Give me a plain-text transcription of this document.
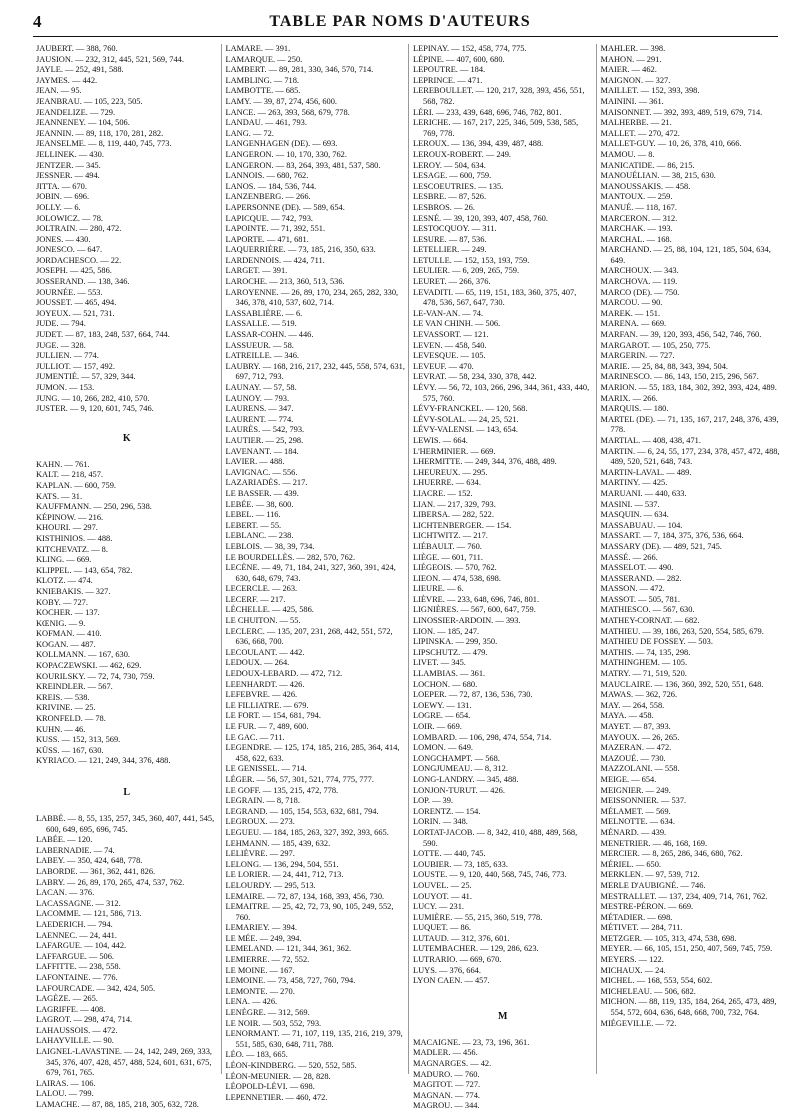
4	TABLE PAR NOMS D'AUTEURS
JAUBERT. — 388, 760.
JAUSION. — 232, 312, 445, 521, 569, 744.
JAYLE. — 252, 491, 588.
JAYMES. — 442.
JEAN. — 95.
JEANBRAU. — 105, 223, 505.
JEANDELIZE. — 729.
JEANNENEY. — 104, 506.
JEANNIN. — 89, 118, 170, 281, 282.
JEANSELME. — 8, 119, 440, 745, 773.
JELLINEK. — 430.
JENTZER. — 345.
JESSNER. — 494.
JITTA. — 670.
JOBIN. — 696.
JOLLY. — 6.
JOLOWICZ. — 78.
JOLTRAIN. — 280, 472.
JONES. — 430.
JONESCO. — 647.
JORDACHESCO. — 22.
JOSEPH. — 425, 586.
JOSSERAND. — 138, 346.
JOURNÉE. — 553.
JOUSSET. — 465, 494.
JOYEUX. — 521, 731.
JUDE. — 794.
JUDET. — 87, 183, 248, 537, 664, 744.
JUGE. — 328.
JULLIEN. — 774.
JULLIOT. — 157, 492.
JUMENTIÉ. — 57, 329, 344.
JUMON. — 153.
JUNG. — 10, 266, 282, 410, 570.
JUSTER. — 9, 120, 601, 745, 746.
K
KAHN. — 761.
KALT. — 218, 457.
KAPLAN. — 600, 759.
KATS. — 31.
KAUFFMANN. — 250, 296, 538.
KÉPINOW. — 216.
KHOURI. — 297.
KISTHINIOS. — 488.
KITCHEVATZ. — 8.
KLING. — 669.
KLIPPEL. — 143, 654, 782.
KLOTZ. — 474.
KNIEBAKIS. — 327.
KOBY. — 727.
KOCHER. — 137.
KŒNIG. — 9.
KOFMAN. — 410.
KOGAN. — 487.
KOLLMANN. — 167, 630.
KOPACZEWSKI. — 462, 629.
KOURILSKY. — 72, 74, 730, 759.
KREINDLER. — 567.
KREIS. — 538.
KRIVINE. — 25.
KRONFELD. — 78.
KUHN. — 46.
KUSS. — 152, 313, 569.
KÜSS. — 167, 630.
KYRIACO. — 121, 249, 344, 376, 488.
L
LABBÉ. — 8, 55, 135, 257, 345, 360, 407, 441, 545, 600, 649, 695, 696, 745.
LABÉE. — 120.
LABERNADIE. — 74.
LABEY. — 350, 424, 648, 778.
LABORDE. — 361, 362, 441, 826.
LABRY. — 26, 89, 170, 265, 474, 537, 762.
LACAN. — 376.
LACASSAGNE. — 312.
LACOMME. — 121, 586, 713.
LAEDERICH. — 794.
LAENNEC. — 24, 441.
LAFARGUE. — 104, 442.
LAFFARGUE. — 506.
LAFFITTE. — 238, 558.
LAFONTAINE. — 776.
LAFOURCADE. — 342, 424, 505.
LAGÈZE. — 265.
LAGRIFFE. — 408.
LAGROT. — 298, 474, 714.
LAHAUSSOIS. — 472.
LAHAYVILLE. — 90.
LAIGNEL-LAVASTINE. — 24, 142, 249, 269, 333, 345, 376, 407, 428, 457, 488, 524, 601, 631, 675, 679, 761, 765.
LAIRAS. — 106.
LALOU. — 799.
LAMACHE. — 87, 88, 185, 218, 305, 632, 728.
LAMARE. — 391.
LAMARQUE. — 250.
LAMBERT. — 89, 281, 330, 346, 570, 714.
LAMBLING. — 718.
LAMBOTTE. — 685.
LAMY. — 39, 87, 274, 456, 600.
LANCE. — 263, 393, 568, 679, 778.
LANDAU. — 461, 793.
LANG. — 72.
LANGENHAGEN (DE). — 693.
LANGERON. — 10, 170, 330, 762.
LANGERON. — 83, 264, 393, 481, 537, 580.
LANNOIS. — 680, 762.
LANOS. — 184, 536, 744.
LANZENBERG. — 266.
LAPERSONNE (DE). — 589, 654.
LAPICQUE. — 742, 793.
LAPOINTE. — 71, 392, 551.
LAPORTE. — 471, 681.
LAQUERRIÈRE. — 73, 185, 216, 350, 633.
LARDENNOIS. — 424, 711.
LARGET. — 391.
LAROCHE. — 213, 360, 513, 536.
LAROYENNE. — 26, 89, 170, 234, 265, 282, 330, 346, 378, 410, 537, 602, 714.
LASSABLIÈRE. — 6.
LASSALLE. — 519.
LASSAR-COHN. — 446.
LASSUEUR. — 58.
LATREILLE. — 346.
LAUBRY. — 168, 216, 217, 232, 445, 558, 574, 631, 697, 712, 793.
LAUNAY. — 57, 58.
LAUNOY. — 793.
LAURENS. — 347.
LAURENT. — 774.
LAURÈS. — 542, 793.
LAUTIER. — 25, 298.
LAVENANT. — 184.
LAVIER. — 488.
LAVIGNAC. — 556.
LAZARIADÈS. — 217.
LE BASSER. — 439.
LEBÉE. — 38, 600.
LEBEL. — 116.
LEBERT. — 55.
LEBLANC. — 238.
LEBLOIS. — 38, 39, 734.
LE BOURDELLÈS. — 282, 570, 762.
LECÈNE. — 49, 71, 184, 241, 327, 360, 391, 424, 630, 648, 679, 743.
LECERCLE. — 263.
LECERF. — 217.
LÉCHELLE. — 425, 586.
LE CHUITON. — 55.
LECLERC. — 135, 207, 231, 268, 442, 551, 572, 636, 668, 700.
LECOULANT. — 442.
LEDOUX. — 264.
LEDOUX-LEBARD. — 472, 712.
LEENHARDT. — 426.
LEFEBVRE. — 426.
LE FILLIATRE. — 679.
LE FORT. — 154, 681, 794.
LE FUR. — 7, 489, 600.
LE GAC. — 711.
LEGENDRE. — 125, 174, 185, 216, 285, 364, 414, 458, 622, 633.
LE GENISSEL. — 714.
LÉGER. — 56, 57, 301, 521, 774, 775, 777.
LE GOFF. — 135, 215, 472, 778.
LEGRAIN. — 8, 718.
LEGRAND. — 105, 154, 553, 632, 681, 794.
LEGROUX. — 273.
LEGUEU. — 184, 185, 263, 327, 392, 393, 665.
LEHMANN. — 185, 439, 632.
LELIÈVRE. — 297.
LELONG. — 136, 294, 504, 551.
LE LORIER. — 24, 441, 712, 713.
LELOURDY. — 295, 513.
LEMAIRE. — 72, 87, 134, 168, 393, 456, 730.
LEMAITRE. — 25, 42, 72, 73, 90, 105, 249, 552, 760.
LEMARIEY. — 394.
LE MÉE. — 249, 394.
LEMELAND. — 121, 344, 361, 362.
LEMIERRE. — 72, 552.
LE MOINE. — 167.
LEMOINE. — 73, 458, 727, 760, 794.
LEMONTE. — 270.
LENA. — 426.
LENÈGRE. — 312, 569.
LE NOIR. — 503, 552, 793.
LENORMANT. — 71, 107, 119, 135, 216, 219, 379, 551, 585, 630, 648, 711, 788.
LÉO. — 183, 665.
LÉON-KINDBERG. — 520, 552, 585.
LÉON-MEUNIER. — 28, 828.
LÉOPOLD-LÉVI. — 698.
LEPENNETIER. — 460, 472.
LEPINAY. — 152, 458, 774, 775.
LÉPINE. — 407, 600, 680.
LEPOUTRE. — 184.
LEPRINCE. — 471.
LEREBOULLET. — 120, 217, 328, 393, 456, 551, 568, 782.
LÉRI. — 233, 439, 648, 696, 746, 782, 801.
LERICHE. — 167, 217, 225, 346, 509, 538, 585, 769, 778.
LEROUX. — 136, 394, 439, 487, 488.
LEROUX-ROBERT. — 249.
LEROY. — 504, 634.
LESAGE. — 600, 759.
LESCOEUTRIES. — 135.
LESBRE. — 87, 526.
LESBROS. — 26.
LESNÉ. — 39, 120, 393, 407, 458, 760.
LESTOCQUOY. — 311.
LESURE. — 87, 536.
LETELLIER. — 249.
LETULLE. — 152, 153, 193, 759.
LEULIER. — 6, 209, 265, 759.
LEURET. — 266, 376.
LEVADITI. — 65, 119, 151, 183, 360, 375, 407, 478, 536, 567, 647, 730.
LE-VAN-AN. — 74.
LE VAN CHINH. — 506.
LEVASSORT. — 121.
LEVEN. — 458, 540.
LEVESQUE. — 105.
LEVEUF. — 470.
LEVRAT. — 58, 234, 330, 378, 442.
LÉVY. — 56, 72, 103, 266, 296, 344, 361, 433, 440, 575, 760.
LÉVY-FRANCKEL. — 120, 568.
LÉVY-SOLAL. — 24, 25, 521.
LÉVY-VALENSI. — 143, 654.
LEWIS. — 664.
L'HERMINIER. — 669.
LHERMITTE. — 249, 344, 376, 488, 489.
LHEUREUX. — 295.
LHUERRE. — 634.
LIACRE. — 152.
LIAN. — 217, 329, 793.
LIBERSA. — 282, 522.
LICHTENBERGER. — 154.
LICHTWITZ. — 217.
LIÉBAULT. — 760.
LIÈGE. — 601, 711.
LIÉGEOIS. — 570, 762.
LIEON. — 474, 538, 698.
LIEURE. — 6.
LIÈVRE. — 233, 648, 696, 746, 801.
LIGNIÈRES. — 567, 600, 647, 759.
LINOSSIER-ARDOIN. — 393.
LION. — 185, 247.
LIPINSKA. — 299, 350.
LIPSCHUTZ. — 479.
LIVET. — 345.
LLAMBIAS. — 361.
LOCHON. — 680.
LOEPER. — 72, 87, 136, 536, 730.
LOEWY. — 131.
LOGRE. — 654.
LOIR. — 669.
LOMBARD. — 106, 298, 474, 554, 714.
LOMON. — 649.
LONGCHAMPT. — 568.
LONGJUMEAU. — 8, 312.
LONG-LANDRY. — 345, 488.
LONJON-TURUT. — 426.
LOP. — 39.
LORENTZ. — 154.
LORIN. — 348.
LORTAT-JACOB. — 8, 342, 410, 488, 489, 568, 590.
LOTTE. — 440, 745.
LOUBIER. — 73, 185, 633.
LOUSTE. — 9, 120, 440, 568, 745, 746, 773.
LOUVEL. — 25.
LOUYOT. — 41.
LUCY. — 231.
LUMIÈRE. — 55, 215, 360, 519, 778.
LUQUET. — 86.
LUTAUD. — 312, 376, 601.
LUTEMBACHER. — 129, 286, 623.
LUTRARIO. — 669, 670.
LUYS. — 376, 664.
LYON CAEN. — 457.
M
MACAIGNE. — 23, 73, 196, 361.
MADLER. — 456.
MAGNARGES. — 42.
MADURO. — 760.
MAGITOT. — 727.
MAGNAN. — 774.
MAGROU. — 344.
MAHLER. — 398.
MAHON. — 291.
MAIER. — 462.
MAIGNON. — 327.
MAILLET. — 152, 393, 398.
MAININI. — 361.
MAISONNET. — 392, 393, 489, 519, 679, 714.
MALHERBE. — 21.
MALLET. — 270, 472.
MALLET-GUY. — 10, 26, 378, 410, 666.
MAMOU. — 8.
MANICATIDE. — 86, 215.
MANOUÉLIAN. — 38, 215, 630.
MANOUSSAKIS. — 458.
MANTOUX. — 259.
MANUÉ. — 118, 167.
MARCERON. — 312.
MARCHAK. — 193.
MARCHAL. — 168.
MARCHAND. — 25, 88, 104, 121, 185, 504, 634, 649.
MARCHOUX. — 343.
MARCHOVA. — 119.
MARCO (DE). — 750.
MARCOU. — 90.
MAREK. — 151.
MARENA. — 669.
MARFAN. — 39, 120, 393, 456, 542, 746, 760.
MARGAROT. — 105, 250, 775.
MARGERIN. — 727.
MARIE. — 25, 84, 88, 343, 394, 504.
MARINESCO. — 86, 143, 150, 215, 296, 567.
MARION. — 55, 183, 184, 302, 392, 393, 424, 489.
MARIX. — 266.
MARQUIS. — 180.
MARTEL (DE). — 71, 135, 167, 217, 248, 376, 439, 778.
MARTIAL. — 408, 438, 471.
MARTIN. — 6, 24, 55, 177, 234, 378, 457, 472, 488, 489, 520, 521, 648, 743.
MARTIN-LAVAL. — 489.
MARTINY. — 425.
MARUANI. — 440, 633.
MASINI. — 537.
MASQUIN. — 634.
MASSABUAU. — 104.
MASSART. — 7, 184, 375, 376, 536, 664.
MASSARY (DE). — 489, 521, 745.
MASSÉ. — 266.
MASSELOT. — 490.
MASSERAND. — 282.
MASSON. — 472.
MASSOT. — 505, 781.
MATHIESCO. — 567, 630.
MATHEY-CORNAT. — 682.
MATHIEU. — 39, 186, 263, 520, 554, 585, 679.
MATHIEU DE FOSSEY. — 503.
MATHIS. — 74, 135, 298.
MATHINGHEM. — 105.
MATRY. — 71, 519, 520.
MAUCLAIRE. — 136, 360, 392, 520, 551, 648.
MAWAS. — 362, 726.
MAY. — 264, 558.
MAYA. — 458.
MAYET. — 87, 393.
MAYOUX. — 26, 265.
MAZERAN. — 472.
MAZOUÉ. — 730.
MAZZOLANI. — 558.
MEIGE. — 654.
MEIGNIER. — 249.
MEISSONNIER. — 537.
MÉLAMET. — 569.
MELNOTTE. — 634.
MÉNARD. — 439.
MENETRIER. — 46, 168, 169.
MERCIER. — 8, 265, 286, 346, 680, 762.
MÉRIEL. — 650.
MERKLEN. — 97, 539, 712.
MERLE D'AUBIGNÉ. — 746.
MESTRALLET. — 137, 234, 409, 714, 761, 762.
MESTRE-PÉRON. — 669.
MÉTADIER. — 698.
MÉTIVET. — 284, 711.
METZGER. — 105, 313, 474, 538, 698.
MEYER. — 66, 105, 151, 250, 407, 569, 745, 759.
MEYERS. — 122.
MICHAUX. — 24.
MICHEL. — 168, 553, 554, 602.
MICHELEAU. — 506, 682.
MICHON. — 88, 119, 135, 184, 264, 265, 473, 489, 554, 572, 604, 636, 648, 668, 700, 732, 764.
MIÉGEVILLE. — 72.
